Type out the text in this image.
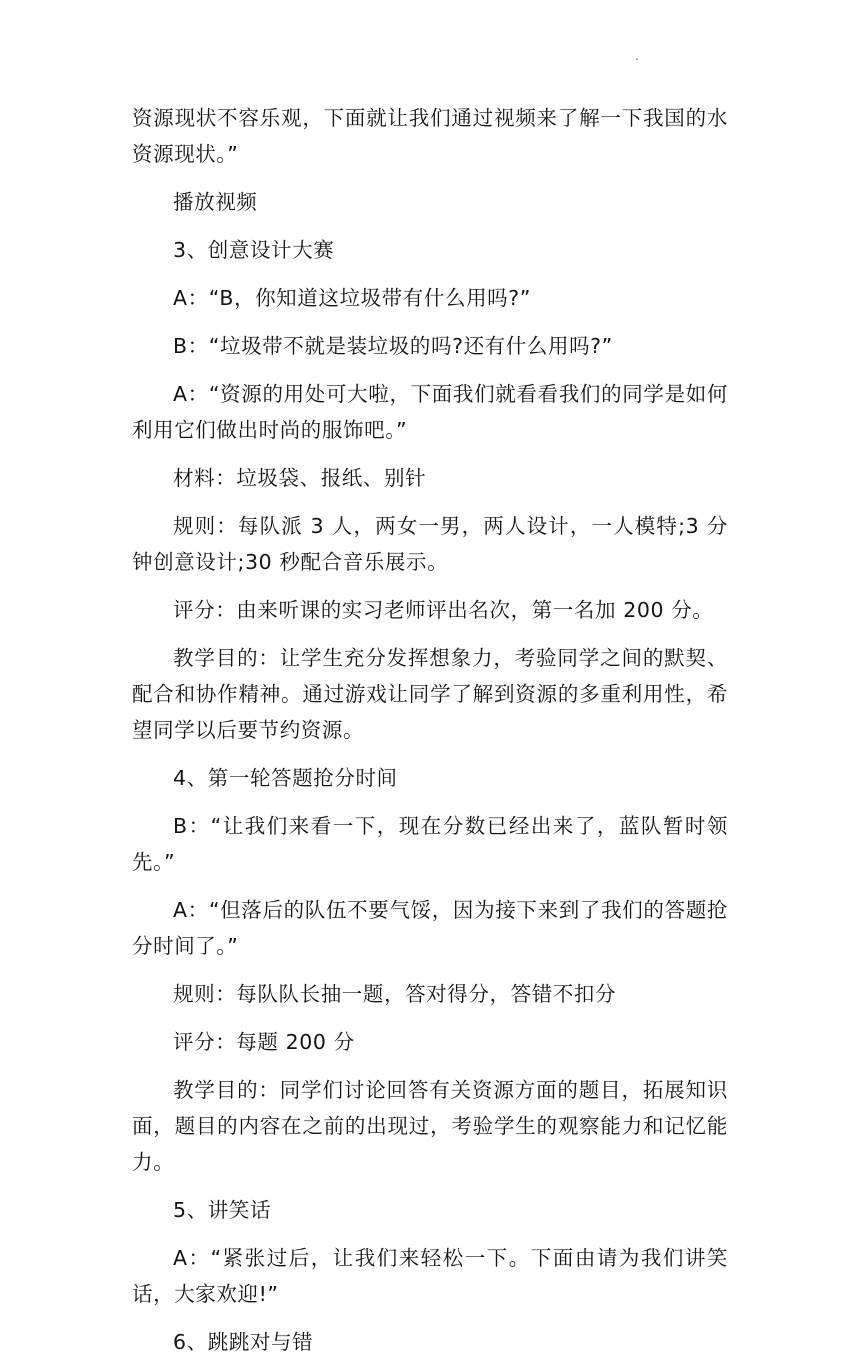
资源现状不容乐观，下面就让我们通过视频来了解一下我国的水资源现状。”

播放视频

3、创意设计大赛

A：“B，你知道这垃圾带有什么用吗?”

B：“垃圾带不就是装垃圾的吗?还有什么用吗?”

A：“资源的用处可大啦，下面我们就看看我们的同学是如何利用它们做出时尚的服饰吧。”

材料：垃圾袋、报纸、别针

规则：每队派 3 人，两女一男，两人设计，一人模特;3 分钟创意设计;30 秒配合音乐展示。

评分：由来听课的实习老师评出名次，第一名加 200 分。

教学目的：让学生充分发挥想象力，考验同学之间的默契、配合和协作精神。通过游戏让同学了解到资源的多重利用性，希望同学以后要节约资源。

4、第一轮答题抢分时间

B：“让我们来看一下，现在分数已经出来了，蓝队暂时领先。”

A：“但落后的队伍不要气馁，因为接下来到了我们的答题抢分时间了。”

规则：每队队长抽一题，答对得分，答错不扣分

评分：每题 200 分

教学目的：同学们讨论回答有关资源方面的题目，拓展知识面，题目的内容在之前的出现过，考验学生的观察能力和记忆能力。

5、讲笑话

A：“紧张过后，让我们来轻松一下。下面由请为我们讲笑话，大家欢迎!”

6、跳跳对与错
